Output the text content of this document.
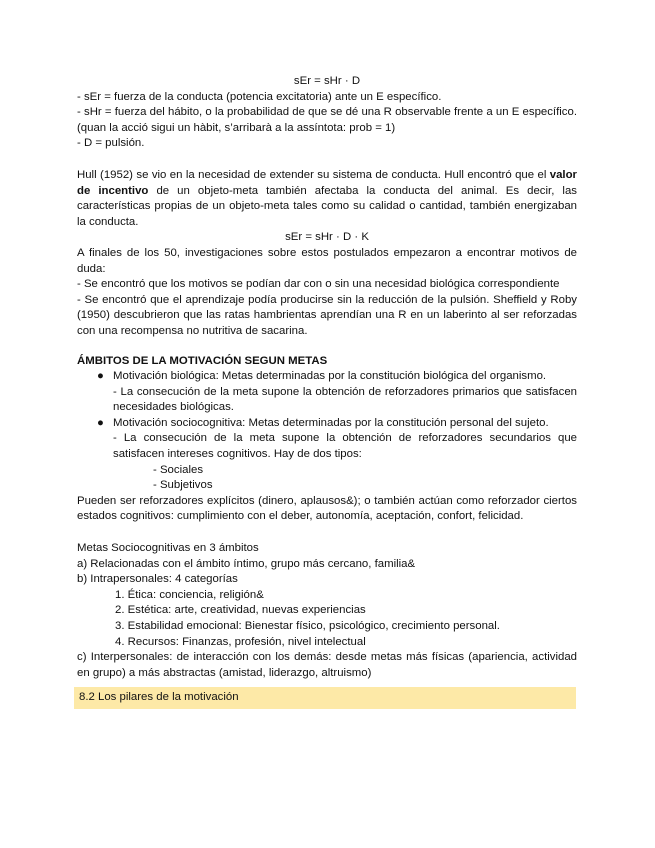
sEr = sHr · D

- sEr = fuerza de la conducta (potencia excitatoria) ante un E específico.

- sHr = fuerza del hábito, o la probabilidad de que se dé una R observable frente a un E específico. (quan la acció sigui un hàbit, s’arribarà a la assíntota: prob = 1)

- D = pulsión.

Hull (1952) se vio en la necesidad de extender su sistema de conducta. Hull encontró que el valor de incentivo de un objeto-meta también afectaba la conducta del animal. Es decir, las características propias de un objeto-meta tales como su calidad o cantidad, también energizaban la conducta.

sEr = sHr · D · K

A finales de los 50, investigaciones sobre estos postulados empezaron a encontrar motivos de duda:

- Se encontró que los motivos se podían dar con o sin una necesidad biológica correspondiente

- Se encontró que el aprendizaje podía producirse sin la reducción de la pulsión. Sheffield y Roby (1950) descubrieron que las ratas hambrientas aprendían una R en un laberinto al ser reforzadas con una recompensa no nutritiva de sacarina.

ÁMBITOS DE LA MOTIVACIÓN SEGUN METAS

● Motivación biológica: Metas determinadas por la constitución biológica del organismo.

- La consecución de la meta supone la obtención de reforzadores primarios que satisfacen necesidades biológicas.

● Motivación sociocognitiva: Metas determinadas por la constitución personal del sujeto.

- La consecución de la meta supone la obtención de reforzadores secundarios que satisfacen intereses cognitivos. Hay de dos tipos:

- Sociales

- Subjetivos

Pueden ser reforzadores explícitos (dinero, aplausos&); o también actúan como reforzador ciertos estados cognitivos: cumplimiento con el deber, autonomía, aceptación, confort, felicidad.

Metas Sociocognitivas en 3 ámbitos

a) Relacionadas con el ámbito íntimo, grupo más cercano, familia&

b) Intrapersonales: 4 categorías

1. Ética: conciencia, religión&

2. Estética: arte, creatividad, nuevas experiencias

3. Estabilidad emocional: Bienestar físico, psicológico, crecimiento personal.

4. Recursos: Finanzas, profesión, nivel intelectual

c) Interpersonales: de interacción con los demás: desde metas más físicas (apariencia, actividad en grupo) a más abstractas (amistad, liderazgo, altruismo)

8.2 Los pilares de la motivación
